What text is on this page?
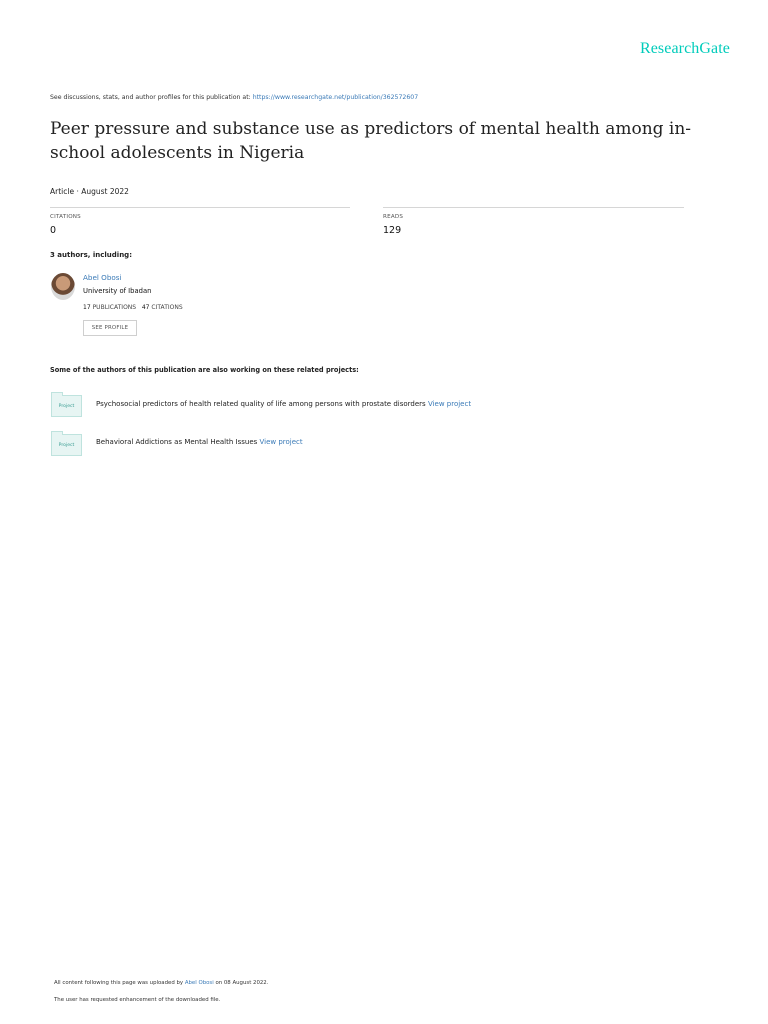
ResearchGate
See discussions, stats, and author profiles for this publication at: https://www.researchgate.net/publication/362572607
Peer pressure and substance use as predictors of mental health among in-school adolescents in Nigeria
Article · August 2022
CITATIONS
0
READS
129
3 authors, including:
Abel Obosi
University of Ibadan
17 PUBLICATIONS 47 CITATIONS
SEE PROFILE
Some of the authors of this publication are also working on these related projects:
Project	Psychosocial predictors of health related quality of life among persons with prostate disorders View project
Project	Behavioral Addictions as Mental Health Issues View project
All content following this page was uploaded by Abel Obosi on 08 August 2022.
The user has requested enhancement of the downloaded file.
